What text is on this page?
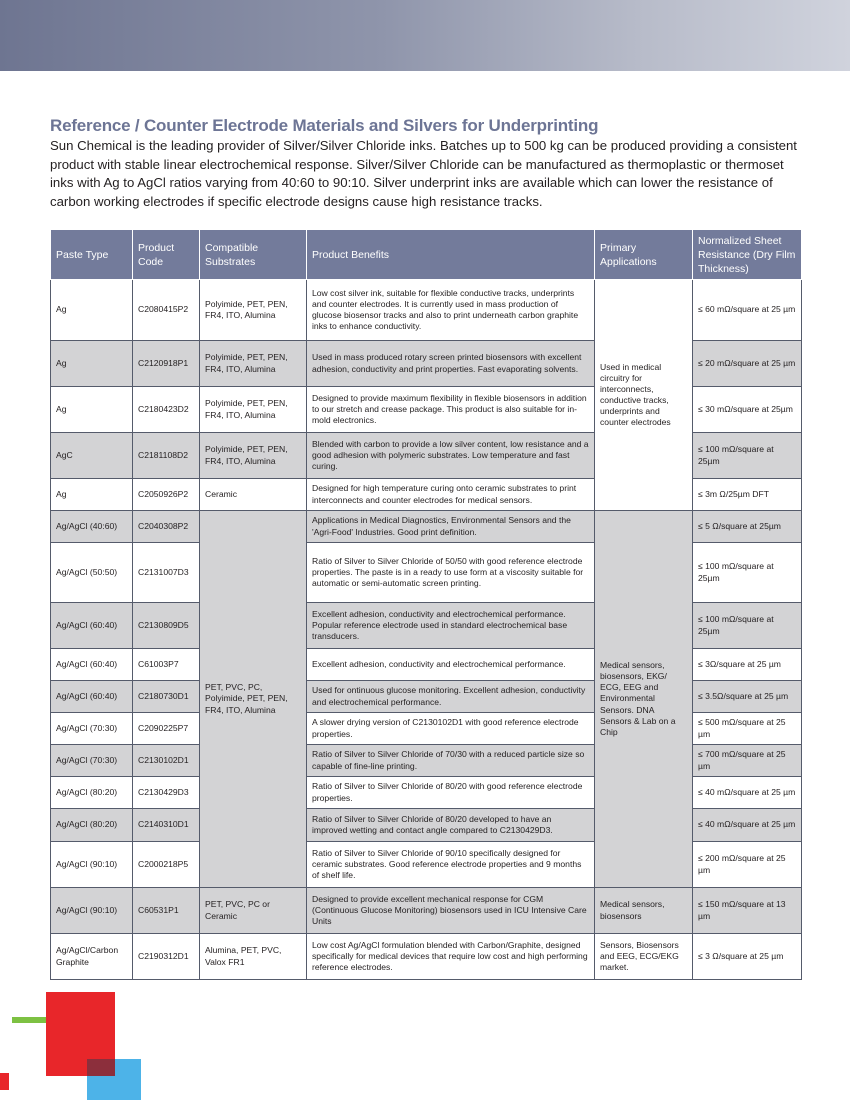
Reference / Counter Electrode Materials and Silvers for Underprinting

Sun Chemical is the leading provider of Silver/Silver Chloride inks. Batches up to 500 kg can be produced providing a consistent product with stable linear electrochemical response. Silver/Silver Chloride can be manufactured as thermoplastic or thermoset inks with Ag to AgCl ratios varying from 40:60 to 90:10. Silver underprint inks are available which can lower the resistance of carbon working electrodes if specific electrode designs cause high resistance tracks.

Paste Type	Product Code	Compatible Substrates	Product Benefits	Primary Applications	Normalized Sheet Resistance (Dry Film Thickness)
Ag	C2080415P2	Polyimide, PET, PEN, FR4, ITO, Alumina	Low cost silver ink, suitable for flexible conductive tracks, underprints and counter electrodes. It is currently used in mass production of glucose biosensor tracks and also to print underneath carbon graphite inks to enhance conductivity.	Used in medical circuitry for interconnects, conductive tracks, underprints and counter electrodes	≤ 60 mΩ/square at 25 µm
Ag	C2120918P1	Polyimide, PET, PEN, FR4, ITO, Alumina	Used in mass produced rotary screen printed biosensors with excellent adhesion, conductivity and print properties. Fast evaporating solvents.		≤ 20 mΩ/square at 25 µm
Ag	C2180423D2	Polyimide, PET, PEN, FR4, ITO, Alumina	Designed to provide maximum flexibility in flexible biosensors in addition to our stretch and crease package. This product is also suitable for in-mold electronics.		≤ 30 mΩ/square at 25µm
AgC	C2181108D2	Polyimide, PET, PEN, FR4, ITO, Alumina	Blended with carbon to provide a low silver content, low resistance and a good adhesion with polymeric substrates. Low temperature and fast curing.		≤ 100 mΩ/square at 25µm
Ag	C2050926P2	Ceramic	Designed for high temperature curing onto ceramic substrates to print interconnects and counter electrodes for medical sensors.		≤ 3m Ω/25µm DFT
Ag/AgCl (40:60)	C2040308P2	PET, PVC, PC, Polyimide, PET, PEN, FR4, ITO, Alumina	Applications in Medical Diagnostics, Environmental Sensors and the 'Agri-Food' Industries. Good print definition.	Medical sensors, biosensors, EKG/ ECG, EEG and Environmental Sensors. DNA Sensors & Lab on a Chip	≤ 5 Ω/square at 25µm
Ag/AgCl (50:50)	C2131007D3		Ratio of Silver to Silver Chloride of 50/50 with good reference electrode properties. The paste is in a ready to use form at a viscosity suitable for automatic or semi-automatic screen printing.		≤ 100 mΩ/square at 25µm
Ag/AgCl (60:40)	C2130809D5		Excellent adhesion, conductivity and electrochemical performance. Popular reference electrode used in standard electrochemical base transducers.		≤ 100 mΩ/square at 25µm
Ag/AgCl (60:40)	C61003P7		Excellent adhesion, conductivity and electrochemical performance.		≤ 3Ω/square at 25 µm
Ag/AgCl (60:40)	C2180730D1		Used for ontinuous glucose monitoring. Excellent adhesion, conductivity and electrochemical performance.		≤ 3.5Ω/square at 25 µm
Ag/AgCl (70:30)	C2090225P7		A slower drying version of C2130102D1 with good reference electrode properties.		≤ 500 mΩ/square at 25 µm
Ag/AgCl (70:30)	C2130102D1		Ratio of Silver to Silver Chloride of 70/30 with a reduced particle size so capable of fine-line printing.		≤ 700 mΩ/square at 25 µm
Ag/AgCl (80:20)	C2130429D3		Ratio of Silver to Silver Chloride of 80/20 with good reference electrode properties.		≤ 40 mΩ/square at 25 µm
Ag/AgCl (80:20)	C2140310D1		Ratio of Silver to Silver Chloride of 80/20 developed to have an improved wetting and contact angle compared to C2130429D3.		≤ 40 mΩ/square at 25 µm
Ag/AgCl (90:10)	C2000218P5		Ratio of Silver to Silver Chloride of 90/10 specifically designed for ceramic substrates. Good reference electrode properties and 9 months of shelf life.		≤ 200 mΩ/square at 25 µm
Ag/AgCl (90:10)	C60531P1	PET, PVC, PC or Ceramic	Designed to provide excellent mechanical response for CGM (Continuous Glucose Monitoring) biosensors used in ICU Intensive Care Units	Medical sensors, biosensors	≤ 150 mΩ/square at 13 µm
Ag/AgCl/Carbon Graphite	C2190312D1	Alumina, PET, PVC, Valox FR1	Low cost Ag/AgCl formulation blended with Carbon/Graphite, designed specifically for medical devices that require low cost and high performing reference electrodes.	Sensors, Biosensors and EEG, ECG/EKG market.	≤ 3 Ω/square at 25 µm
